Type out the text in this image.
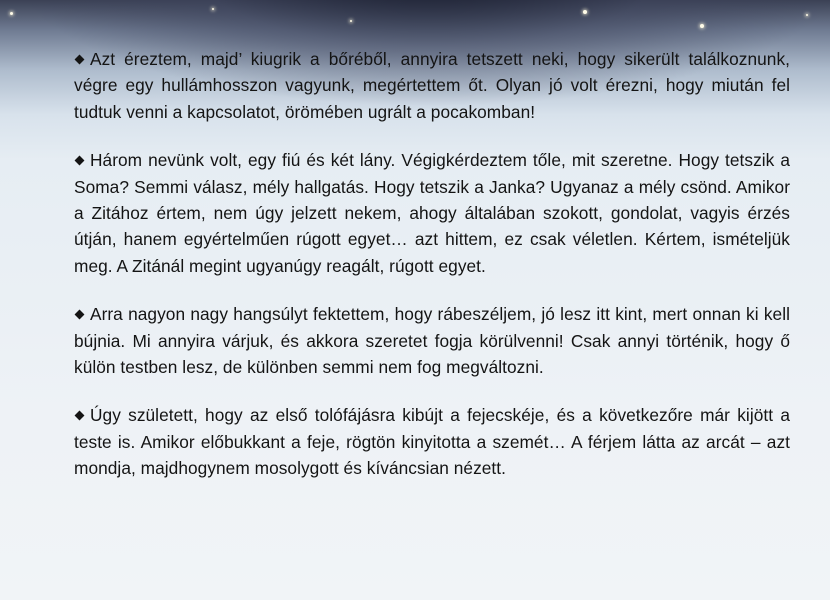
Azt éreztem, majd’ kiugrik a bőréből, annyira tetszett neki, hogy sikerült találkoznunk, végre egy hullámhosszon vagyunk, megértettem őt. Olyan jó volt érezni, hogy miután fel tudtuk venni a kapcsolatot, örömében ugrált a pocakomban!

Három nevünk volt, egy fiú és két lány. Végigkérdeztem tőle, mit szeretne. Hogy tetszik a Soma? Semmi válasz, mély hallgatás. Hogy tetszik a Janka? Ugyanaz a mély csönd. Amikor a Zitához értem, nem úgy jelzett nekem, ahogy általában szokott, gondolat, vagyis érzés útján, hanem egyértelműen rúgott egyet… azt hittem, ez csak véletlen. Kértem, ismételjük meg. A Zitánál megint ugyanúgy reagált, rúgott egyet.

Arra nagyon nagy hangsúlyt fektettem, hogy rábeszéljem, jó lesz itt kint, mert onnan ki kell bújnia. Mi annyira várjuk, és akkora szeretet fogja körülvenni! Csak annyi történik, hogy ő külön testben lesz, de különben semmi nem fog megváltozni.

Úgy született, hogy az első tolófájásra kibújt a fejecskéje, és a következőre már kijött a teste is. Amikor előbukkant a feje, rögtön kinyitotta a szemét… A férjem látta az arcát – azt mondja, majdhogynem mosolygott és kíváncsian nézett.
